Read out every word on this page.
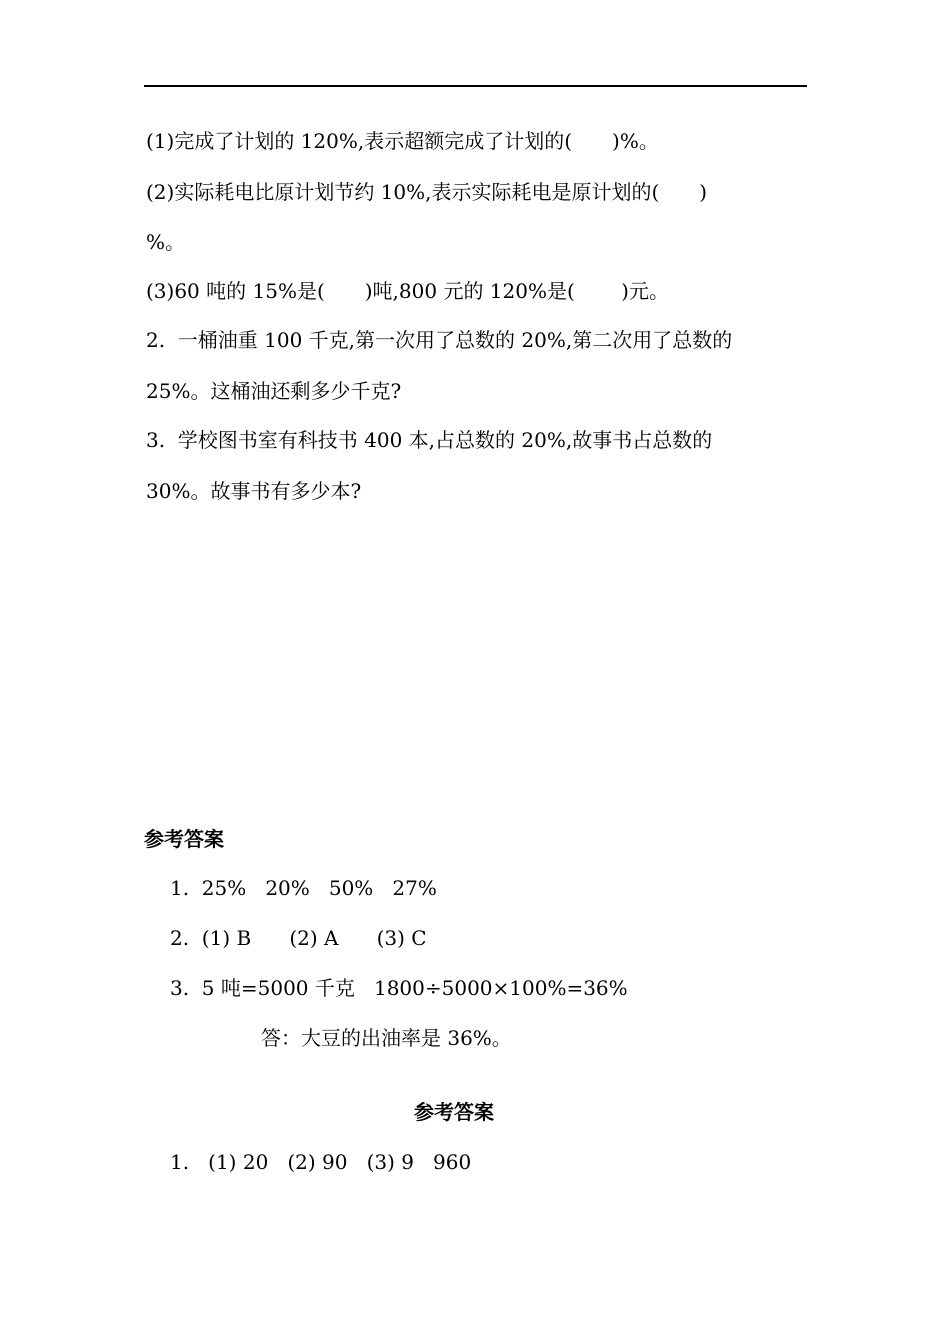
(1)完成了计划的 120%,表示超额完成了计划的(　　)%。
(2)实际耗电比原计划节约 10%,表示实际耗电是原计划的(　　)
%。
(3)60 吨的 15%是(　　)吨,800 元的 120%是(　　 )元。
2.  一桶油重 100 千克,第一次用了总数的 20%,第二次用了总数的
25%。这桶油还剩多少千克?
3.  学校图书室有科技书 400 本,占总数的 20%,故事书占总数的
30%。故事书有多少本?
参考答案
1.  25%   20%   50%   27%
2.  (1) B      (2) A      (3) C
3.  5 吨=5000 千克   1800÷5000×100%=36%
答：大豆的出油率是 36%。
参考答案
1.   (1) 20   (2) 90   (3) 9   960
